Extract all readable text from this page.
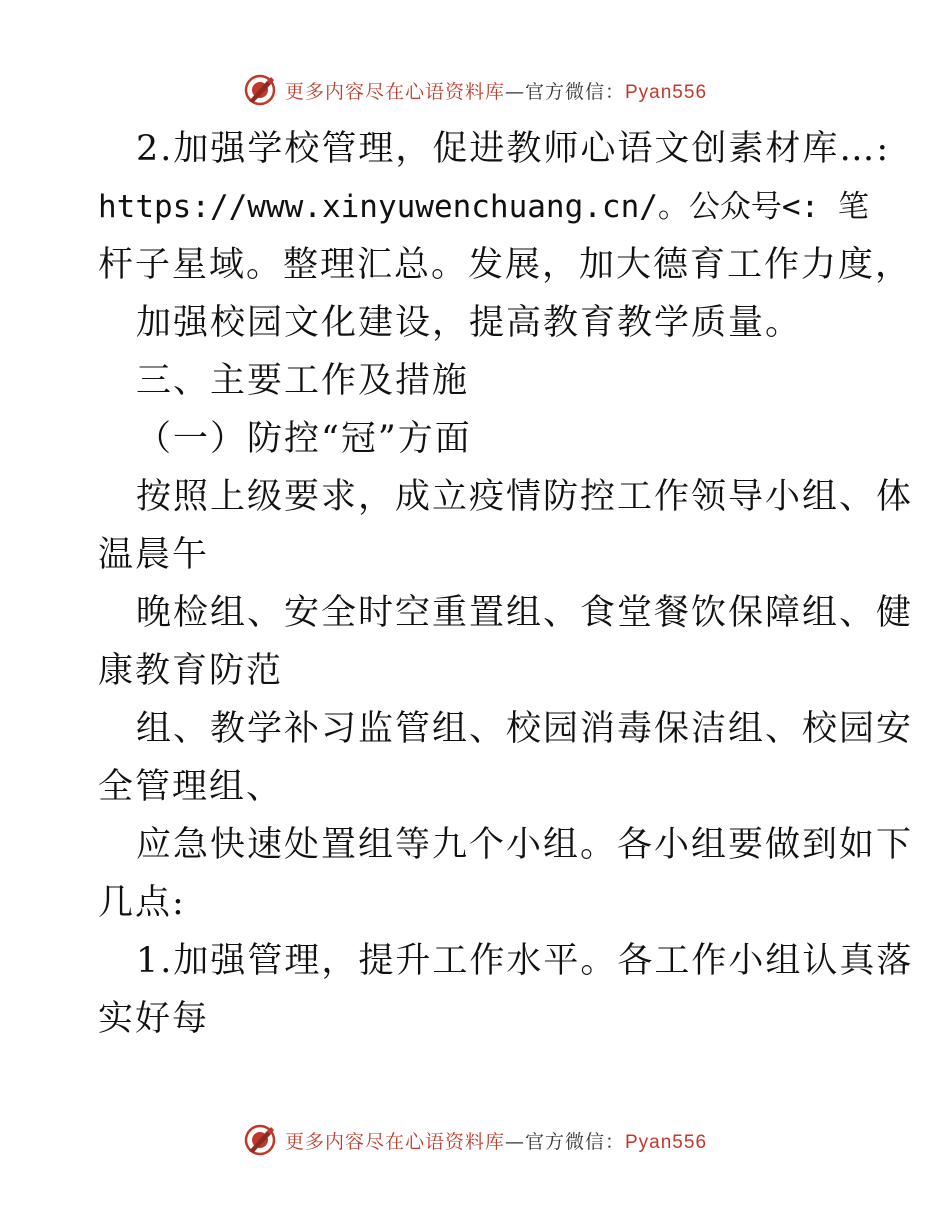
更多内容尽在心语资料库—官方微信：Pyan556
2.加强学校管理，促进教师心语文创素材库…:
https://www.xinyuwenchuang.cn/。公众号<: 笔
杆子星域。整理汇总。发展，加大德育工作力度，
加强校园文化建设，提高教育教学质量。
三、主要工作及措施
（一）防控“冠”方面
按照上级要求，成立疫情防控工作领导小组、体
温晨午
晚检组、安全时空重置组、食堂餐饮保障组、健
康教育防范
组、教学补习监管组、校园消毒保洁组、校园安
全管理组、
应急快速处置组等九个小组。各小组要做到如下
几点:
1.加强管理，提升工作水平。各工作小组认真落
实好每
更多内容尽在心语资料库—官方微信：Pyan556
